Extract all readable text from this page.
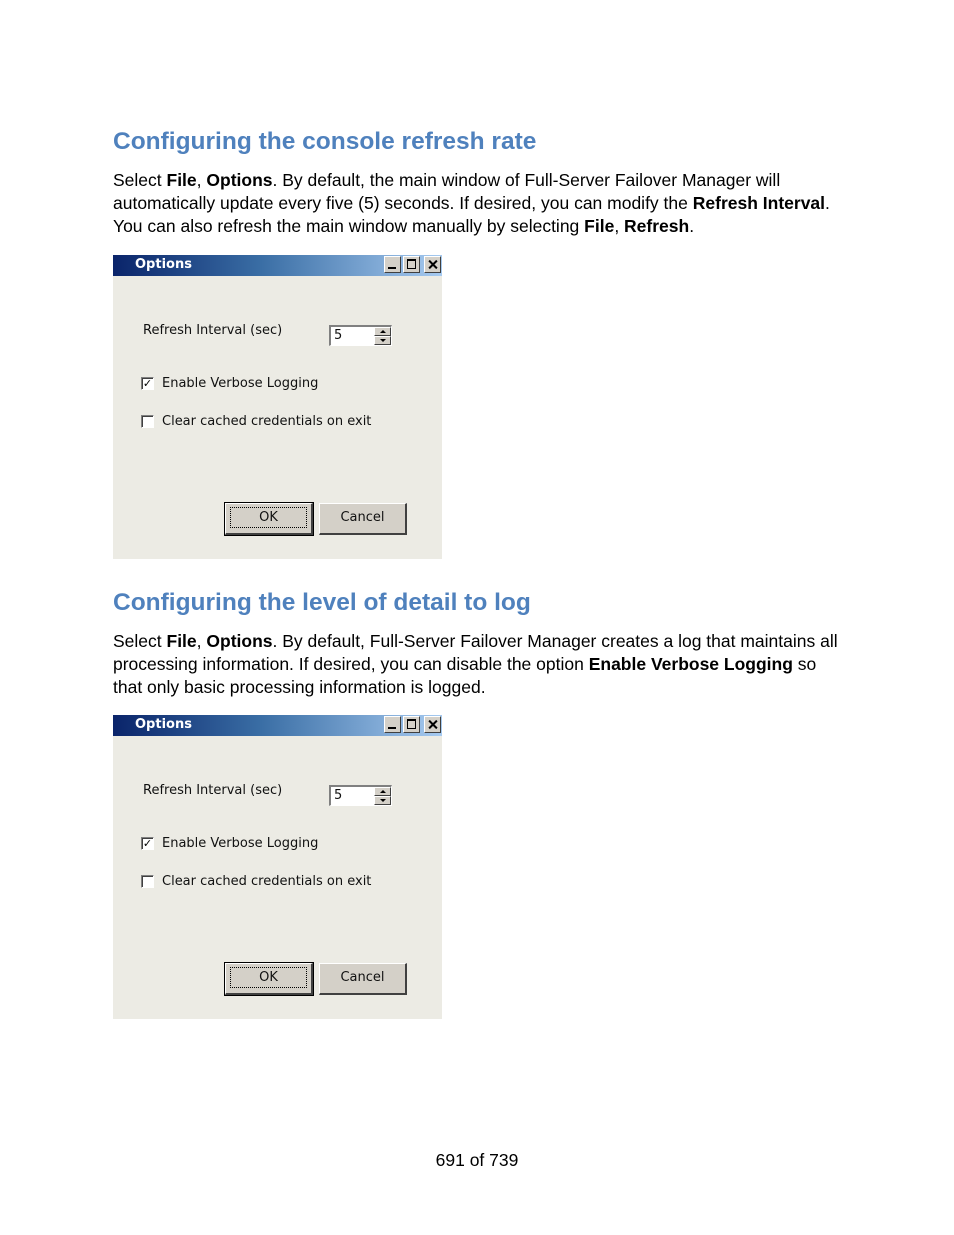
Configuring the console refresh rate

Select File, Options. By default, the main window of Full-Server Failover Manager will automatically update every five (5) seconds. If desired, you can modify the Refresh Interval. You can also refresh the main window manually by selecting File, Refresh.

Options
Refresh Interval (sec)	5
✓ Enable Verbose Logging
Clear cached credentials on exit
OK	Cancel
Configuring the level of detail to log

Select File, Options. By default, Full-Server Failover Manager creates a log that maintains all processing information. If desired, you can disable the option Enable Verbose Logging so that only basic processing information is logged.

Options
Refresh Interval (sec)	5
✓ Enable Verbose Logging
Clear cached credentials on exit
OK	Cancel
691 of 739
